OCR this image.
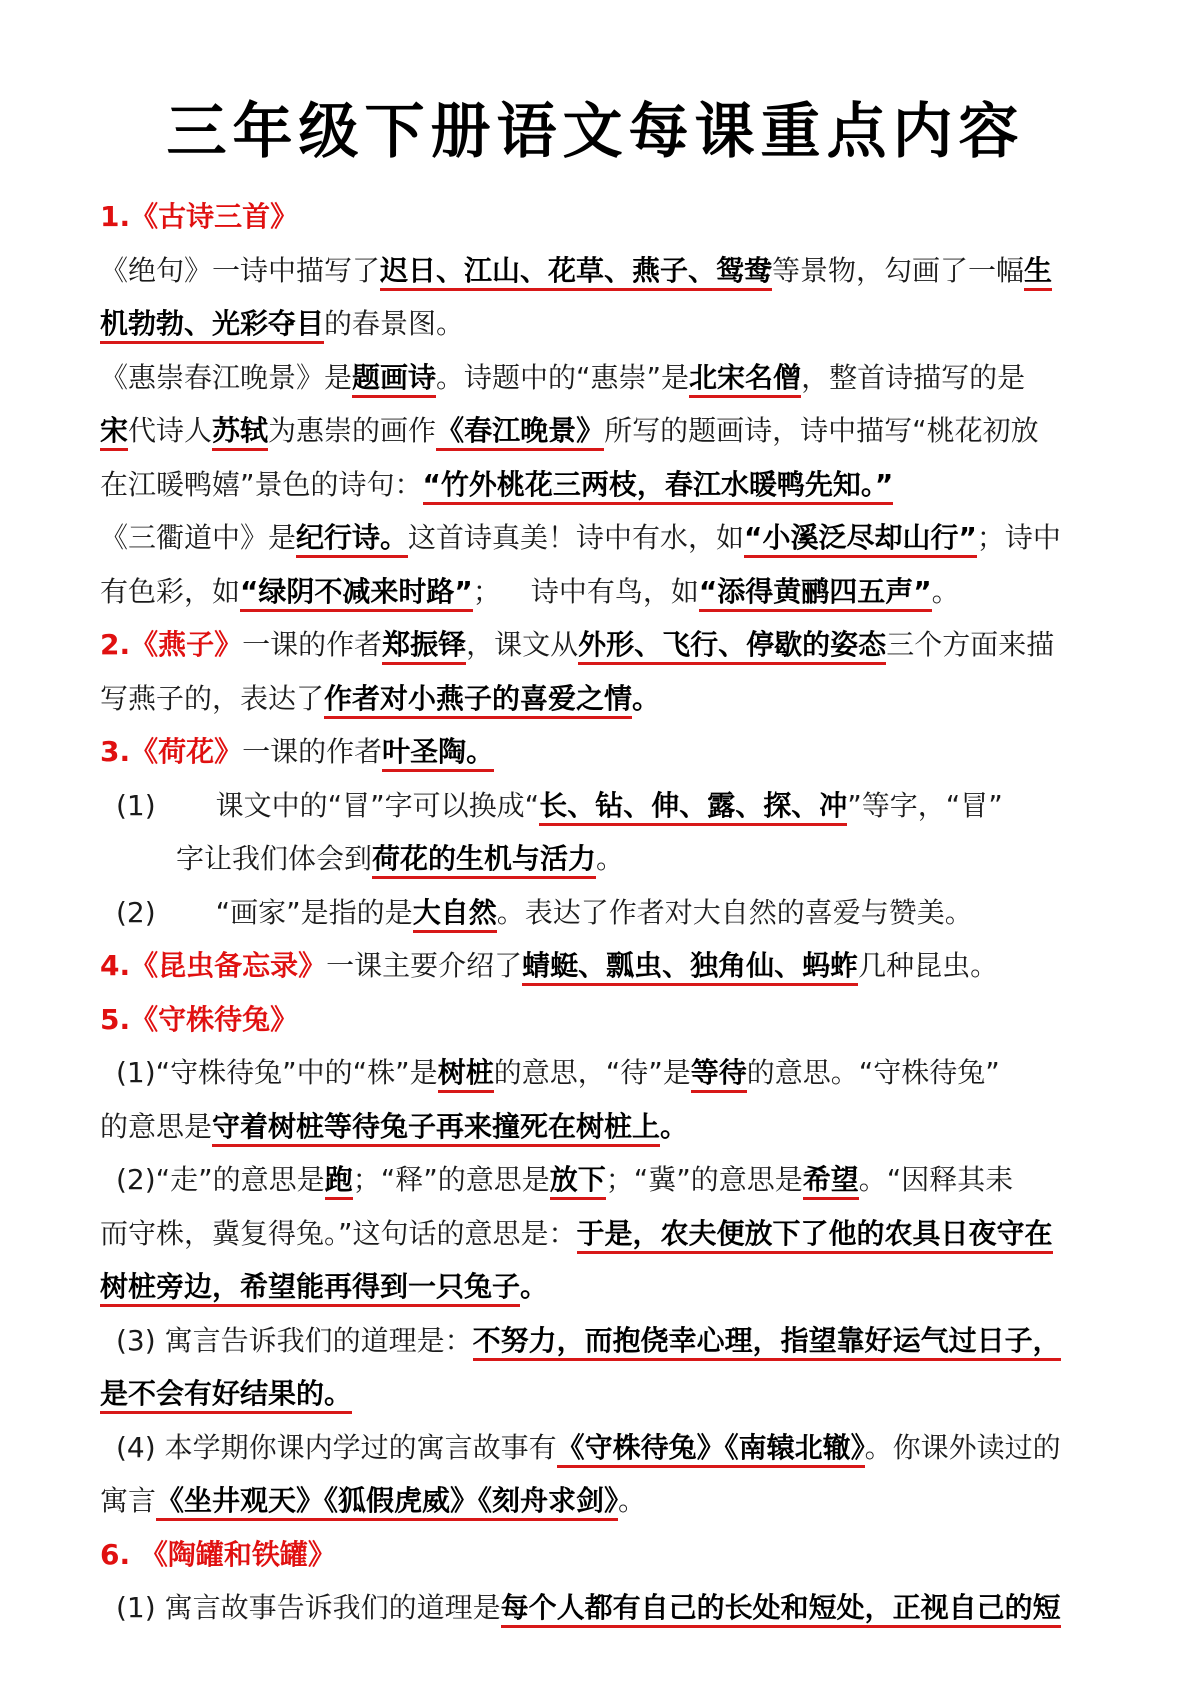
三年级下册语文每课重点内容
1.《古诗三首》
《绝句》一诗中描写了迟日、江山、花草、燕子、鸳鸯等景物，勾画了一幅生
机勃勃、光彩夺目的春景图。
《惠崇春江晚景》是题画诗。诗题中的“惠崇”是北宋名僧，整首诗描写的是
宋代诗人苏轼为惠崇的画作《春江晚景》所写的题画诗，诗中描写“桃花初放
在江暖鸭嬉”景色的诗句：“竹外桃花三两枝，春江水暖鸭先知。”
《三衢道中》是纪行诗。这首诗真美！诗中有水，如“小溪泛尽却山行”；诗中
有色彩，如“绿阴不减来时路”； 诗中有鸟，如“添得黄鹂四五声”。
2.《燕子》一课的作者郑振铎，课文从外形、飞行、停歇的姿态三个方面来描
写燕子的，表达了作者对小燕子的喜爱之情。
3.《荷花》一课的作者叶圣陶。
(1) 课文中的“冒”字可以换成“长、钻、伸、露、探、冲”等字，“冒”
字让我们体会到荷花的生机与活力。
(2) “画家”是指的是大自然。表达了作者对大自然的喜爱与赞美。
4.《昆虫备忘录》一课主要介绍了蜻蜓、瓢虫、独角仙、蚂蚱几种昆虫。
5.《守株待兔》
(1)“守株待兔”中的“株”是树桩的意思，“待”是等待的意思。“守株待兔”
的意思是守着树桩等待兔子再来撞死在树桩上。
(2)“走”的意思是跑；“释”的意思是放下；“冀”的意思是希望。“因释其耒
而守株，冀复得兔。”这句话的意思是：于是，农夫便放下了他的农具日夜守在
树桩旁边，希望能再得到一只兔子。
(3) 寓言告诉我们的道理是：不努力，而抱侥幸心理，指望靠好运气过日子，
是不会有好结果的。
(4) 本学期你课内学过的寓言故事有《守株待兔》《南辕北辙》。你课外读过的
寓言《坐井观天》《狐假虎威》《刻舟求剑》。
6. 《陶罐和铁罐》
(1) 寓言故事告诉我们的道理是每个人都有自己的长处和短处，正视自己的短
